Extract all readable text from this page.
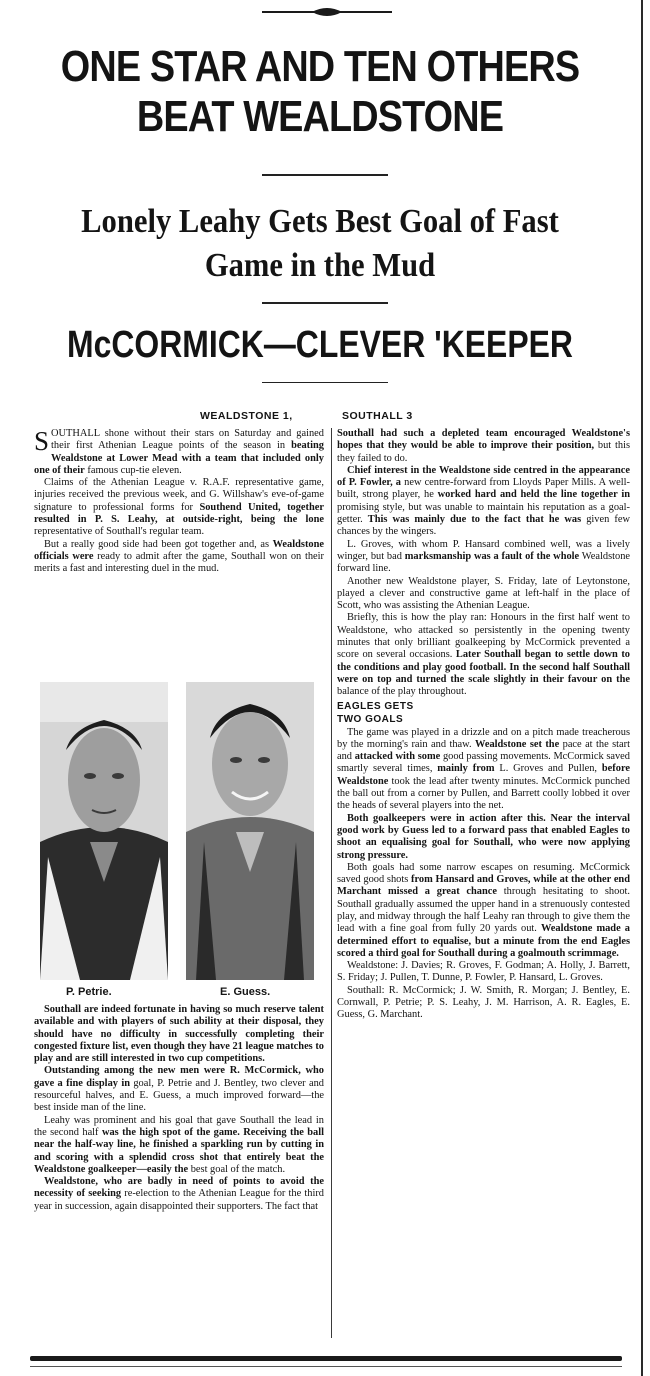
ONE STAR AND TEN OTHERS
BEAT WEALDSTONE
Lonely Leahy Gets Best Goal of Fast
Game in the Mud
McCORMICK—CLEVER 'KEEPER
WEALDSTONE 1,	SOUTHALL 3

SOUTHALL shone without their stars on Saturday and gained their first Athenian League points of the season in beating Wealdstone at Lower Mead with a team that included only one of their famous cup-tie eleven.

Claims of the Athenian League v. R.A.F. representative game, injuries received the previous week, and G. Willshaw's eve-of-game signature to professional forms for Southend United, together resulted in P. S. Leahy, at outside-right, being the lone representative of Southall's regular team.

But a really good side had been got together and, as Wealdstone officials were ready to admit after the game, Southall won on their merits a fast and interesting duel in the mud.

P. Petrie.	E. Guess.

Southall are indeed fortunate in having so much reserve talent available and with players of such ability at their disposal, they should have no difficulty in successfully completing their congested fixture list, even though they have 21 league matches to play and are still interested in two cup competitions.

Outstanding among the new men were R. McCormick, who gave a fine display in goal, P. Petrie and J. Bentley, two clever and resourceful halves, and E. Guess, a much improved forward—the best inside man of the line.

Leahy was prominent and his goal that gave Southall the lead in the second half was the high spot of the game. Receiving the ball near the half-way line, he finished a sparkling run by cutting in and scoring with a splendid cross shot that entirely beat the Wealdstone goalkeeper—easily the best goal of the match.

Wealdstone, who are badly in need of points to avoid the necessity of seeking re-election to the Athenian League for the third year in succession, again disappointed their supporters. The fact that

Southall had such a depleted team encouraged Wealdstone's hopes that they would be able to improve their position, but this they failed to do.

Chief interest in the Wealdstone side centred in the appearance of P. Fowler, a new centre-forward from Lloyds Paper Mills. A well-built, strong player, he worked hard and held the line together in promising style, but was unable to maintain his reputation as a goal-getter. This was mainly due to the fact that he was given few chances by the wingers.

L. Groves, with whom P. Hansard combined well, was a lively winger, but bad marksmanship was a fault of the whole Wealdstone forward line.

Another new Wealdstone player, S. Friday, late of Leytonstone, played a clever and constructive game at left-half in the place of Scott, who was assisting the Athenian League.

Briefly, this is how the play ran: Honours in the first half went to Wealdstone, who attacked so persistently in the opening twenty minutes that only brilliant goalkeeping by McCormick prevented a score on several occasions. Later Southall began to settle down to the conditions and play good football. In the second half Southall were on top and turned the scale slightly in their favour on the balance of the play throughout.

EAGLES GETS
TWO GOALS

The game was played in a drizzle and on a pitch made treacherous by the morning's rain and thaw. Wealdstone set the pace at the start and attacked with some good passing movements. McCormick saved smartly several times, mainly from L. Groves and Pullen, before Wealdstone took the lead after twenty minutes. McCormick punched the ball out from a corner by Pullen, and Barrett coolly lobbed it over the heads of several players into the net.

Both goalkeepers were in action after this. Near the interval good work by Guess led to a forward pass that enabled Eagles to shoot an equalising goal for Southall, who were now applying strong pressure.

Both goals had some narrow escapes on resuming. McCormick saved good shots from Hansard and Groves, while at the other end Marchant missed a great chance through hesitating to shoot. Southall gradually assumed the upper hand in a strenuously contested play, and midway through the half Leahy ran through to give them the lead with a fine goal from fully 20 yards out. Wealdstone made a determined effort to equalise, but a minute from the end Eagles scored a third goal for Southall during a goalmouth scrimmage.

Wealdstone: J. Davies; R. Groves, F. Godman; A. Holly, J. Barrett, S. Friday; J. Pullen, T. Dunne, P. Fowler, P. Hansard, L. Groves.

Southall: R. McCormick; J. W. Smith, R. Morgan; J. Bentley, E. Cornwall, P. Petrie; P. S. Leahy, J. M. Harrison, A. R. Eagles, E. Guess, G. Marchant.
